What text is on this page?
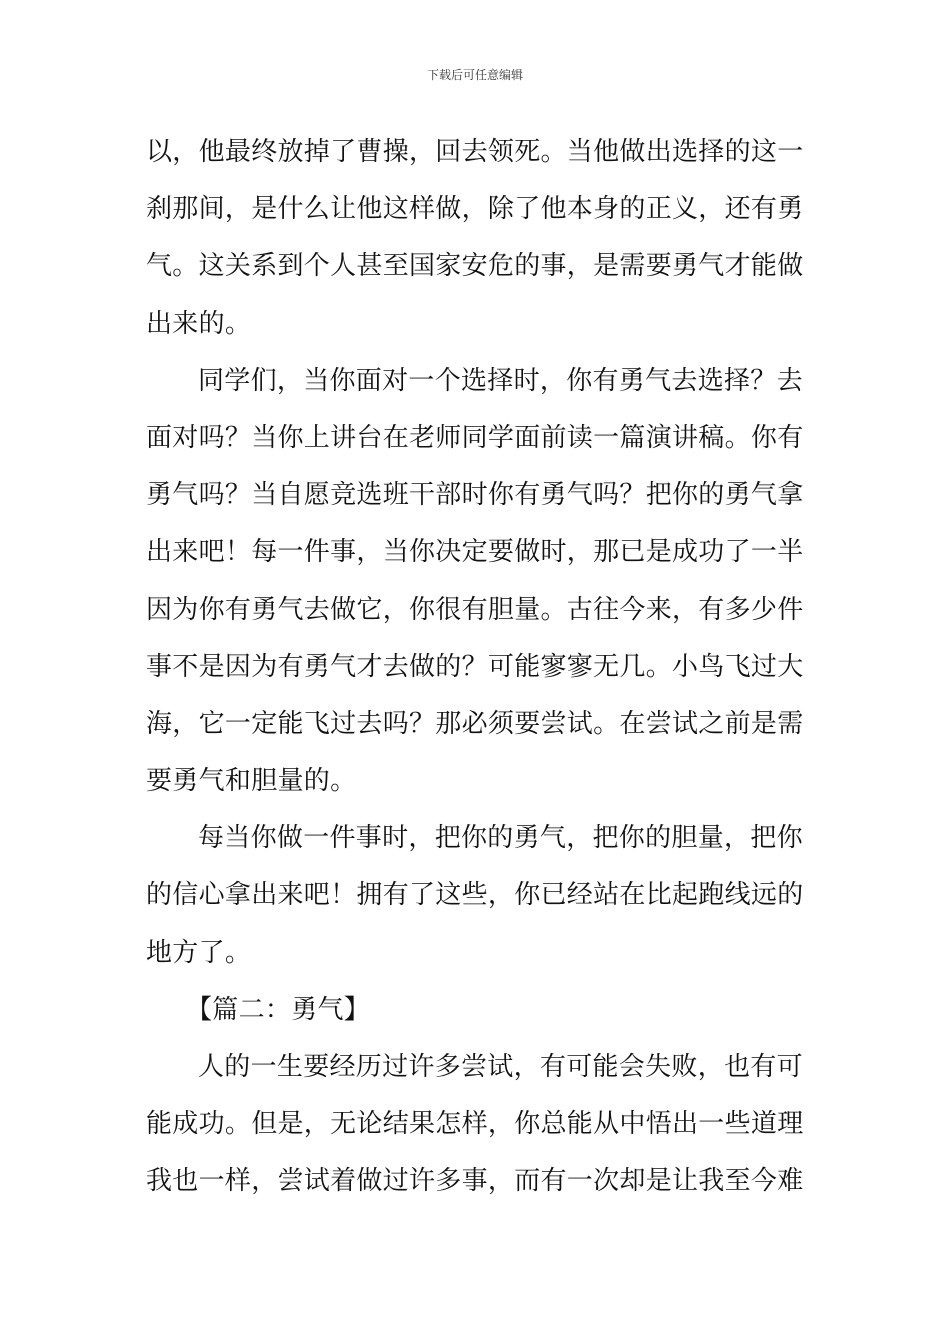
下载后可任意编辑
以，他最终放掉了曹操，回去领死。当他做出选择的这一
刹那间，是什么让他这样做，除了他本身的正义，还有勇
气。这关系到个人甚至国家安危的事，是需要勇气才能做
出来的。
同学们，当你面对一个选择时，你有勇气去选择？去
面对吗？当你上讲台在老师同学面前读一篇演讲稿。你有
勇气吗？当自愿竞选班干部时你有勇气吗？把你的勇气拿
出来吧！每一件事，当你决定要做时，那已是成功了一半
因为你有勇气去做它，你很有胆量。古往今来，有多少件
事不是因为有勇气才去做的？可能寥寥无几。小鸟飞过大
海，它一定能飞过去吗？那必须要尝试。在尝试之前是需
要勇气和胆量的。
每当你做一件事时，把你的勇气，把你的胆量，把你
的信心拿出来吧！拥有了这些，你已经站在比起跑线远的
地方了。
【篇二：勇气】
人的一生要经历过许多尝试，有可能会失败，也有可
能成功。但是，无论结果怎样，你总能从中悟出一些道理
我也一样，尝试着做过许多事，而有一次却是让我至今难
